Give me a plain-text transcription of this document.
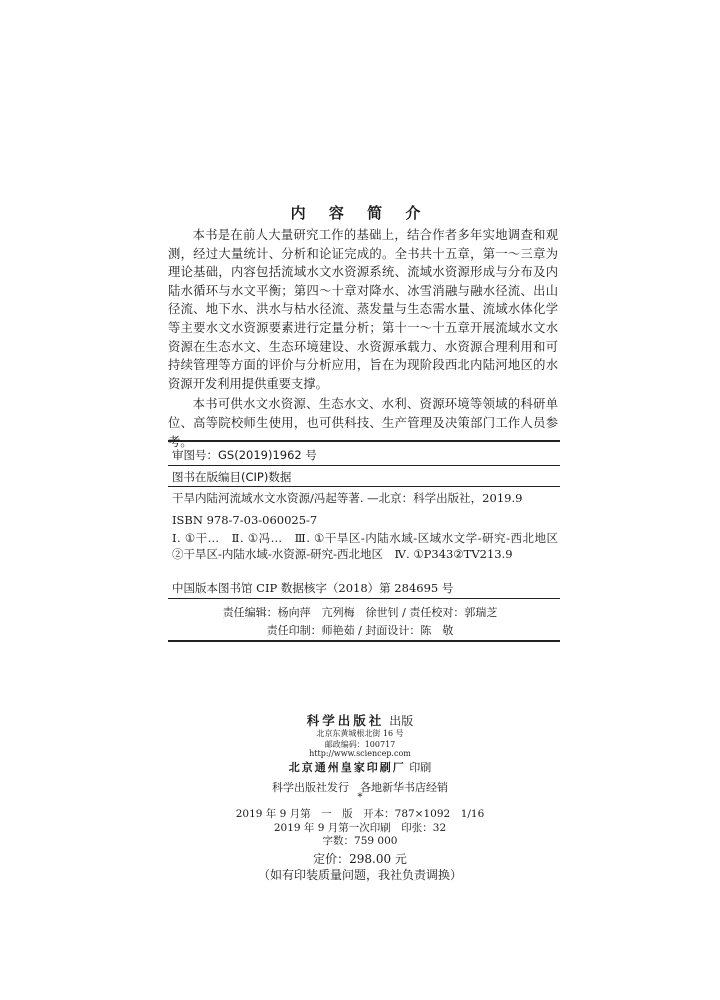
内 容 简 介

本书是在前人大量研究工作的基础上，结合作者多年实地调查和观测，经过大量统计、分析和论证完成的。全书共十五章，第一～三章为理论基础，内容包括流域水文水资源系统、流域水资源形成与分布及内陆水循环与水文平衡；第四～十章对降水、冰雪消融与融水径流、出山径流、地下水、洪水与枯水径流、蒸发量与生态需水量、流域水体化学等主要水文水资源要素进行定量分析；第十一～十五章开展流域水文水资源在生态水文、生态环境建设、水资源承载力、水资源合理利用和可持续管理等方面的评价与分析应用，旨在为现阶段西北内陆河地区的水资源开发利用提供重要支撑。

本书可供水文水资源、生态水文、水利、资源环境等领域的科研单位、高等院校师生使用，也可供科技、生产管理及决策部门工作人员参考。

审图号：GS(2019)1962 号
图书在版编目(CIP)数据
干旱内陆河流域水文水资源/冯起等著. —北京：科学出版社，2019.9
ISBN 978-7-03-060025-7
Ⅰ. ①干…　Ⅱ. ①冯…　Ⅲ. ①干旱区-内陆水域-区域水文学-研究-西北地区　②干旱区-内陆水域-水资源-研究-西北地区　Ⅳ. ①P343②TV213.9
中国版本图书馆 CIP 数据核字（2018）第 284695 号
责任编辑：杨向萍　亢列梅　徐世钊 / 责任校对：郭瑞芝
责任印制：师艳茹 / 封面设计：陈　敬
科学出版社 出版
北京东黄城根北街 16 号
邮政编码：100717
http://www.sciencep.com
北京通州皇家印刷厂 印刷
科学出版社发行　各地新华书店经销
*
2019 年 9 月第　一　版　开本：787×1092　1/16
2019 年 9 月第一次印刷　印张：32
字数：759 000
定价：298.00 元
（如有印装质量问题，我社负责调换）
